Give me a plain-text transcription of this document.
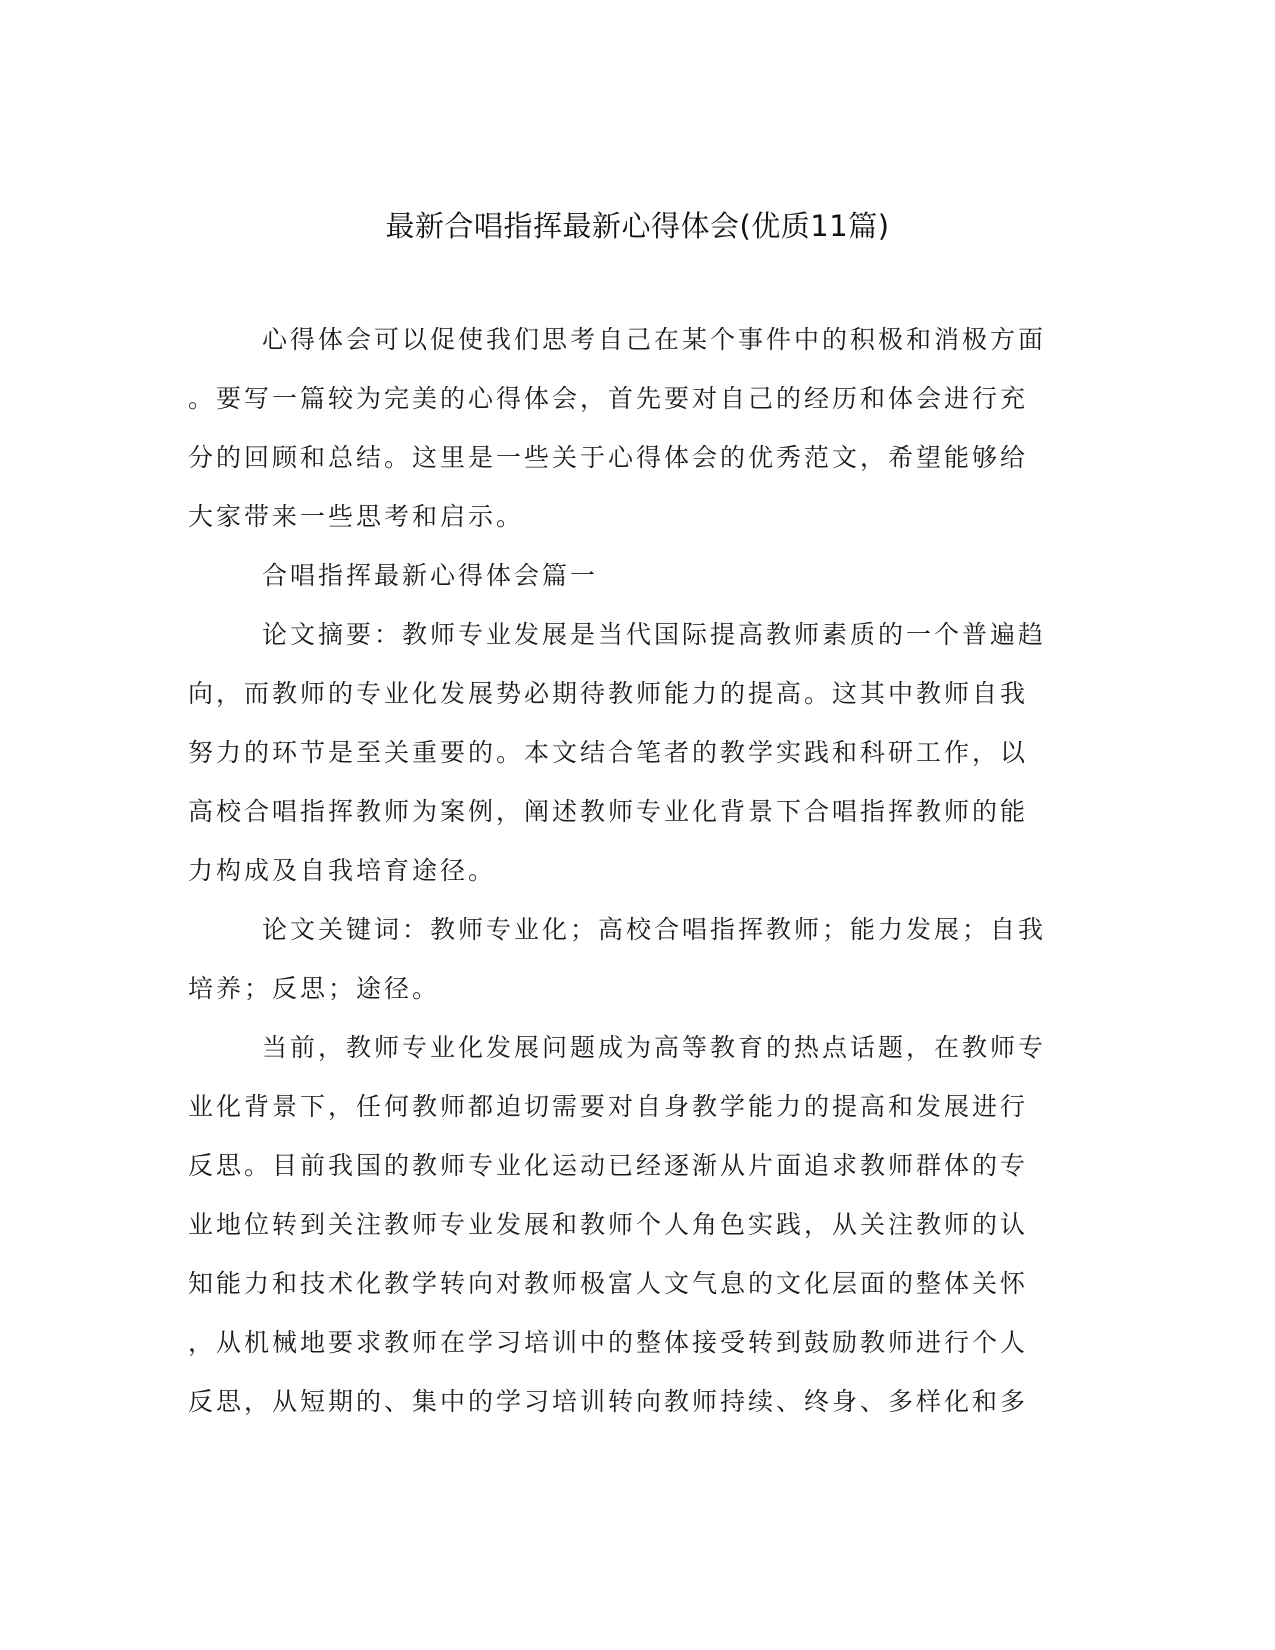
最新合唱指挥最新心得体会(优质11篇)

心得体会可以促使我们思考自己在某个事件中的积极和消极方面

。要写一篇较为完美的心得体会，首先要对自己的经历和体会进行充

分的回顾和总结。这里是一些关于心得体会的优秀范文，希望能够给

大家带来一些思考和启示。

合唱指挥最新心得体会篇一

论文摘要：教师专业发展是当代国际提高教师素质的一个普遍趋

向，而教师的专业化发展势必期待教师能力的提高。这其中教师自我

努力的环节是至关重要的。本文结合笔者的教学实践和科研工作，以

高校合唱指挥教师为案例，阐述教师专业化背景下合唱指挥教师的能

力构成及自我培育途径。

论文关键词：教师专业化；高校合唱指挥教师；能力发展；自我

培养；反思；途径。

当前，教师专业化发展问题成为高等教育的热点话题，在教师专

业化背景下，任何教师都迫切需要对自身教学能力的提高和发展进行

反思。目前我国的教师专业化运动已经逐渐从片面追求教师群体的专

业地位转到关注教师专业发展和教师个人角色实践，从关注教师的认

知能力和技术化教学转向对教师极富人文气息的文化层面的整体关怀

，从机械地要求教师在学习培训中的整体接受转到鼓励教师进行个人

反思，从短期的、集中的学习培训转向教师持续、终身、多样化和多
